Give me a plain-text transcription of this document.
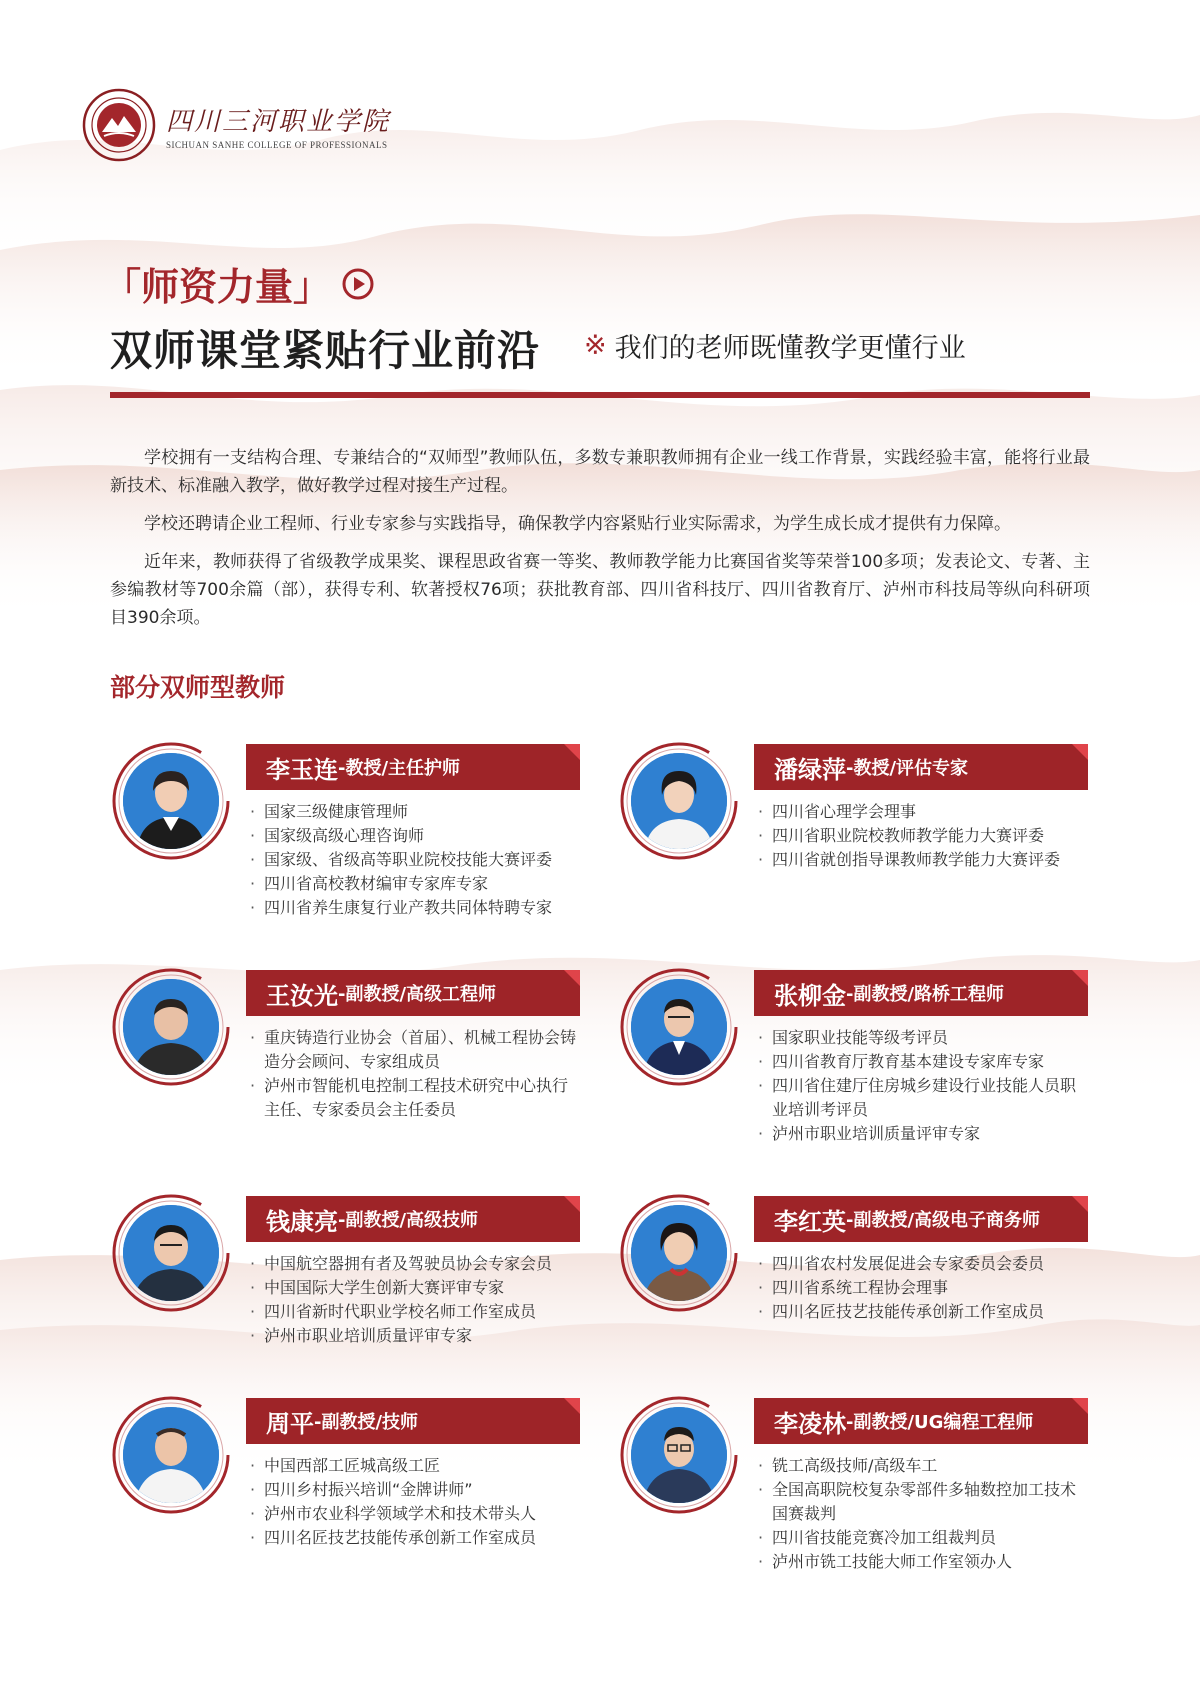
四川三河职业学院
SICHUAN SANHE COLLEGE OF PROFESSIONALS
「师资力量」
双师课堂紧贴行业前沿 ※ 我们的老师既懂教学更懂行业

学校拥有一支结构合理、专兼结合的“双师型”教师队伍，多数专兼职教师拥有企业一线工作背景，实践经验丰富，能将行业最新技术、标准融入教学，做好教学过程对接生产过程。

学校还聘请企业工程师、行业专家参与实践指导，确保教学内容紧贴行业实际需求，为学生成长成才提供有力保障。

近年来，教师获得了省级教学成果奖、课程思政省赛一等奖、教师教学能力比赛国省奖等荣誉100多项；发表论文、专著、主参编教材等700余篇（部），获得专利、软著授权76项；获批教育部、四川省科技厅、四川省教育厅、泸州市科技局等纵向科研项目390余项。

部分双师型教师
李玉连 -教授/主任护师
· 国家三级健康管理师
· 国家级高级心理咨询师
· 国家级、省级高等职业院校技能大赛评委
· 四川省高校教材编审专家库专家
· 四川省养生康复行业产教共同体特聘专家
潘绿萍 -教授/评估专家
· 四川省心理学会理事
· 四川省职业院校教师教学能力大赛评委
· 四川省就创指导课教师教学能力大赛评委
王汝光 -副教授/高级工程师
· 重庆铸造行业协会（首届）、机械工程协会铸造分会顾问、专家组成员
· 泸州市智能机电控制工程技术研究中心执行主任、专家委员会主任委员
张柳金 -副教授/路桥工程师
· 国家职业技能等级考评员
· 四川省教育厅教育基本建设专家库专家
· 四川省住建厅住房城乡建设行业技能人员职业培训考评员
· 泸州市职业培训质量评审专家
钱康亮 -副教授/高级技师
· 中国航空器拥有者及驾驶员协会专家会员
· 中国国际大学生创新大赛评审专家
· 四川省新时代职业学校名师工作室成员
· 泸州市职业培训质量评审专家
李红英 -副教授/高级电子商务师
· 四川省农村发展促进会专家委员会委员
· 四川省系统工程协会理事
· 四川名匠技艺技能传承创新工作室成员
周平 -副教授/技师
· 中国西部工匠城高级工匠
· 四川乡村振兴培训“金牌讲师”
· 泸州市农业科学领域学术和技术带头人
· 四川名匠技艺技能传承创新工作室成员
李凌林 -副教授/UG编程工程师
· 铣工高级技师/高级车工
· 全国高职院校复杂零部件多轴数控加工技术国赛裁判
· 四川省技能竞赛冷加工组裁判员
· 泸州市铣工技能大师工作室领办人
